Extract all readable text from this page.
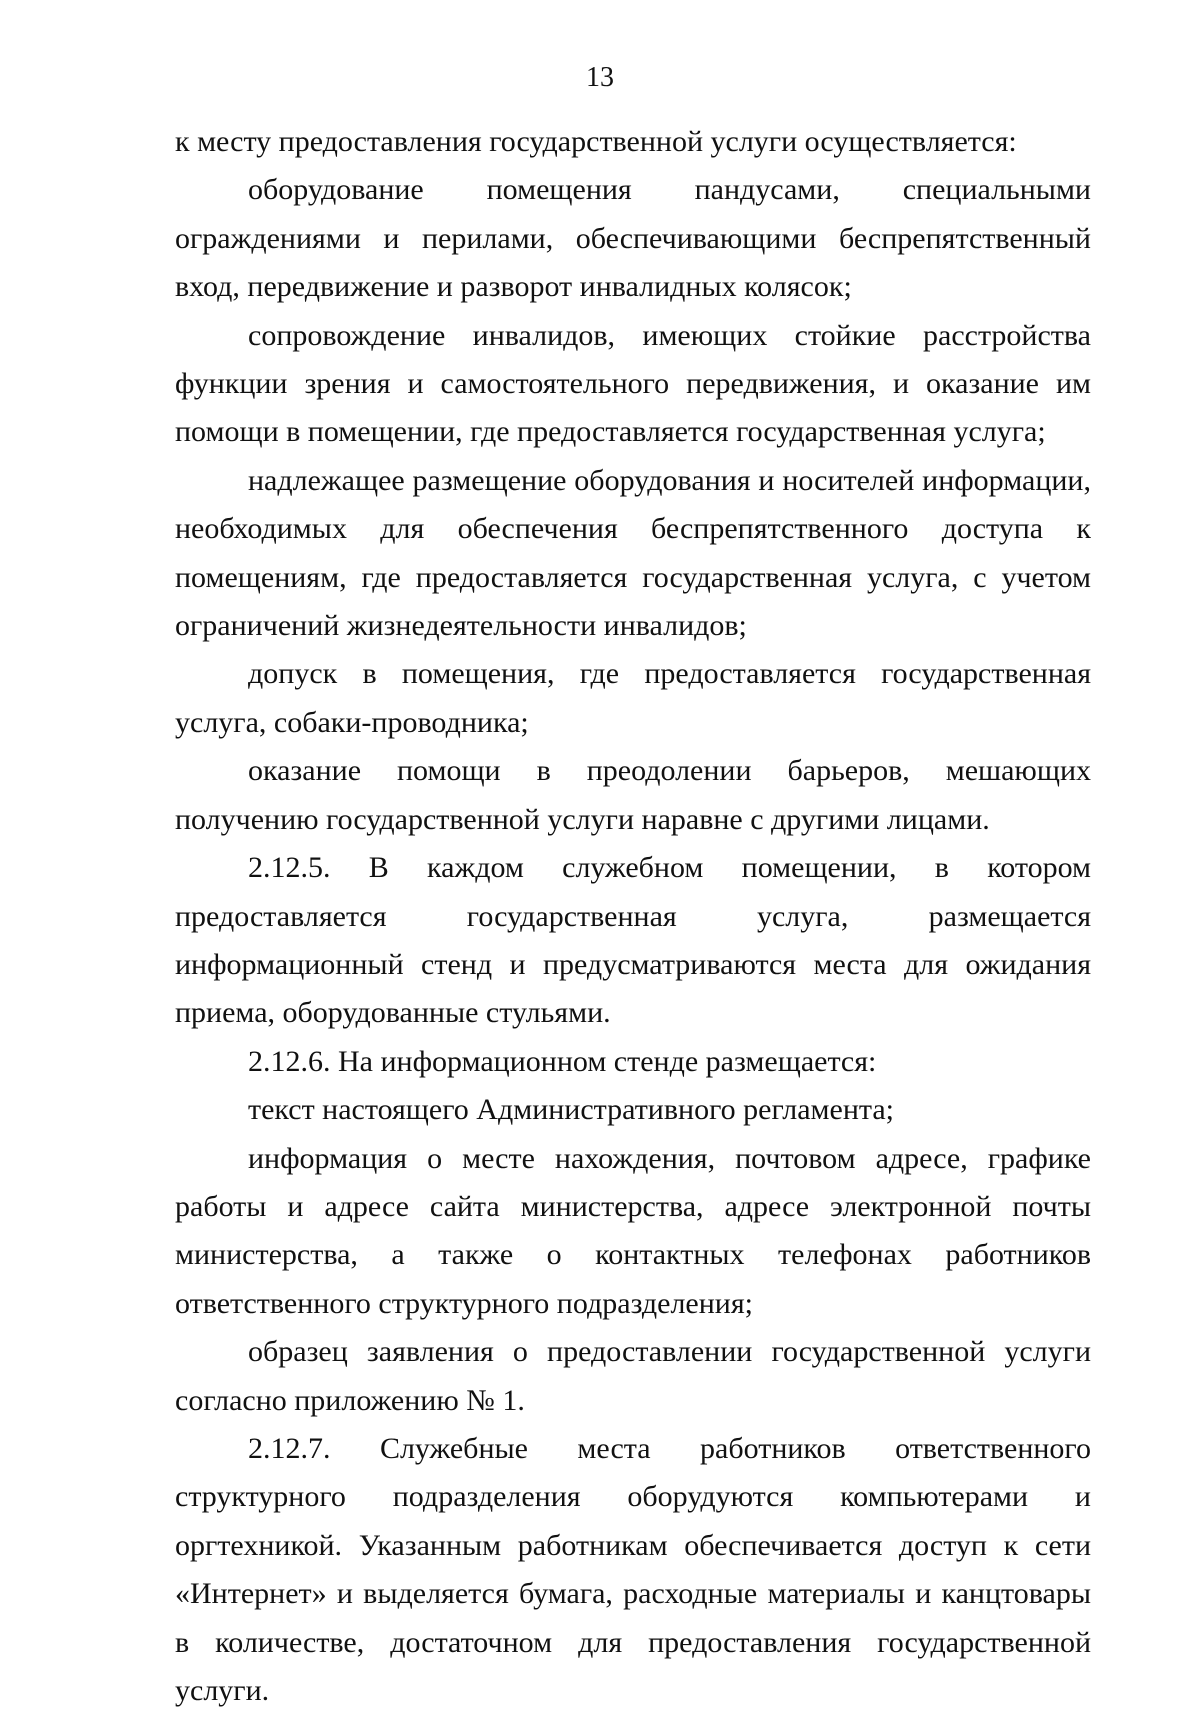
13

к месту предоставления государственной услуги осуществляется:

оборудование помещения пандусами, специальными ограждениями и перилами, обеспечивающими беспрепятственный вход, передвижение и разворот инвалидных колясок;

сопровождение инвалидов, имеющих стойкие расстройства функции зрения и самостоятельного передвижения, и оказание им помощи в помещении, где предоставляется государственная услуга;

надлежащее размещение оборудования и носителей информации, необходимых для обеспечения беспрепятственного доступа к помещениям, где предоставляется государственная услуга, с учетом ограничений жизнедеятельности инвалидов;

допуск в помещения, где предоставляется государственная услуга, собаки-проводника;

оказание помощи в преодолении барьеров, мешающих получению государственной услуги наравне с другими лицами.

2.12.5. В каждом служебном помещении, в котором предоставляется государственная услуга, размещается информационный стенд и предусматриваются места для ожидания приема, оборудованные стульями.

2.12.6. На информационном стенде размещается:

текст настоящего Административного регламента;

информация о месте нахождения, почтовом адресе, графике работы и адресе сайта министерства, адресе электронной почты министерства, а также о контактных телефонах работников ответственного структурного подразделения;

образец заявления о предоставлении государственной услуги согласно приложению № 1.

2.12.7. Служебные места работников ответственного структурного подразделения оборудуются компьютерами и оргтехникой. Указанным работникам обеспечивается доступ к сети «Интернет» и выделяется бумага, расходные материалы и канцтовары в количестве, достаточном для предоставления государственной услуги.
